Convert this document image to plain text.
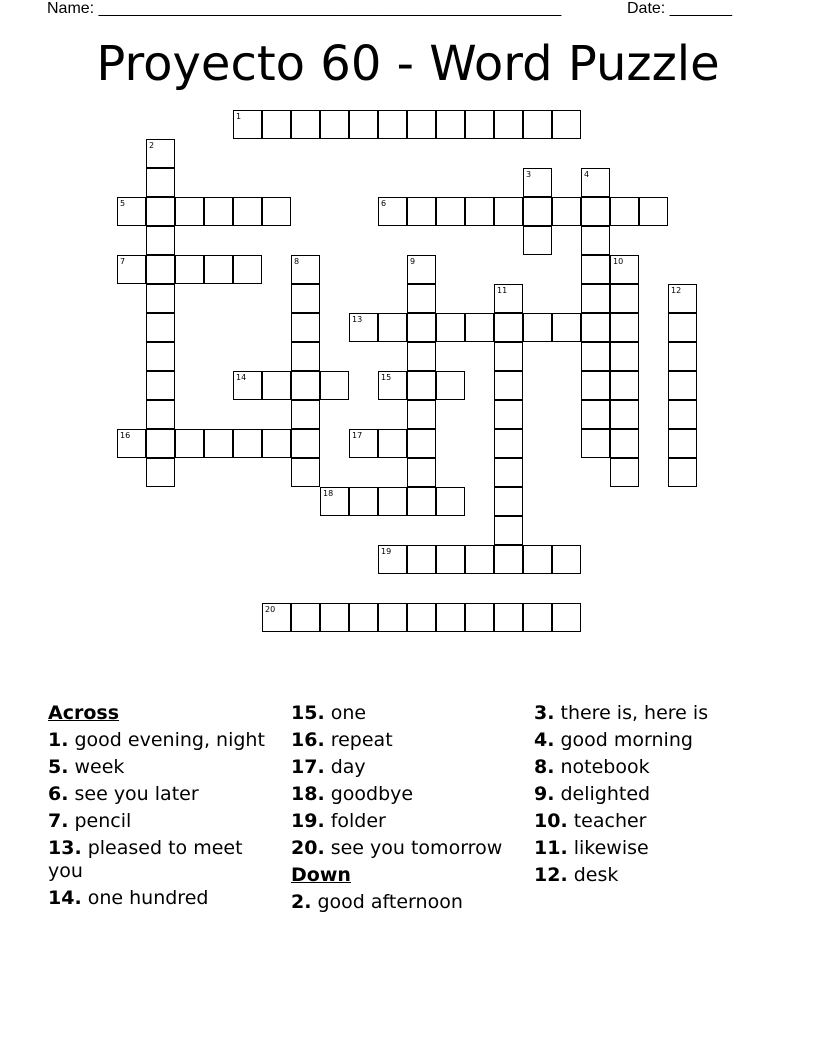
Name: ____________________________________________________	Date: _______
Proyecto 60 - Word Puzzle
1
2
3	4
5	6
7	8	9	10
11	12
13
14	15
16	17
18
19
20
Across
1. good evening, night
5. week
6. see you later
7. pencil
13. pleased to meet you
14. one hundred
15. one
16. repeat
17. day
18. goodbye
19. folder
20. see you tomorrow
Down
2. good afternoon
3. there is, here is
4. good morning
8. notebook
9. delighted
10. teacher
11. likewise
12. desk
